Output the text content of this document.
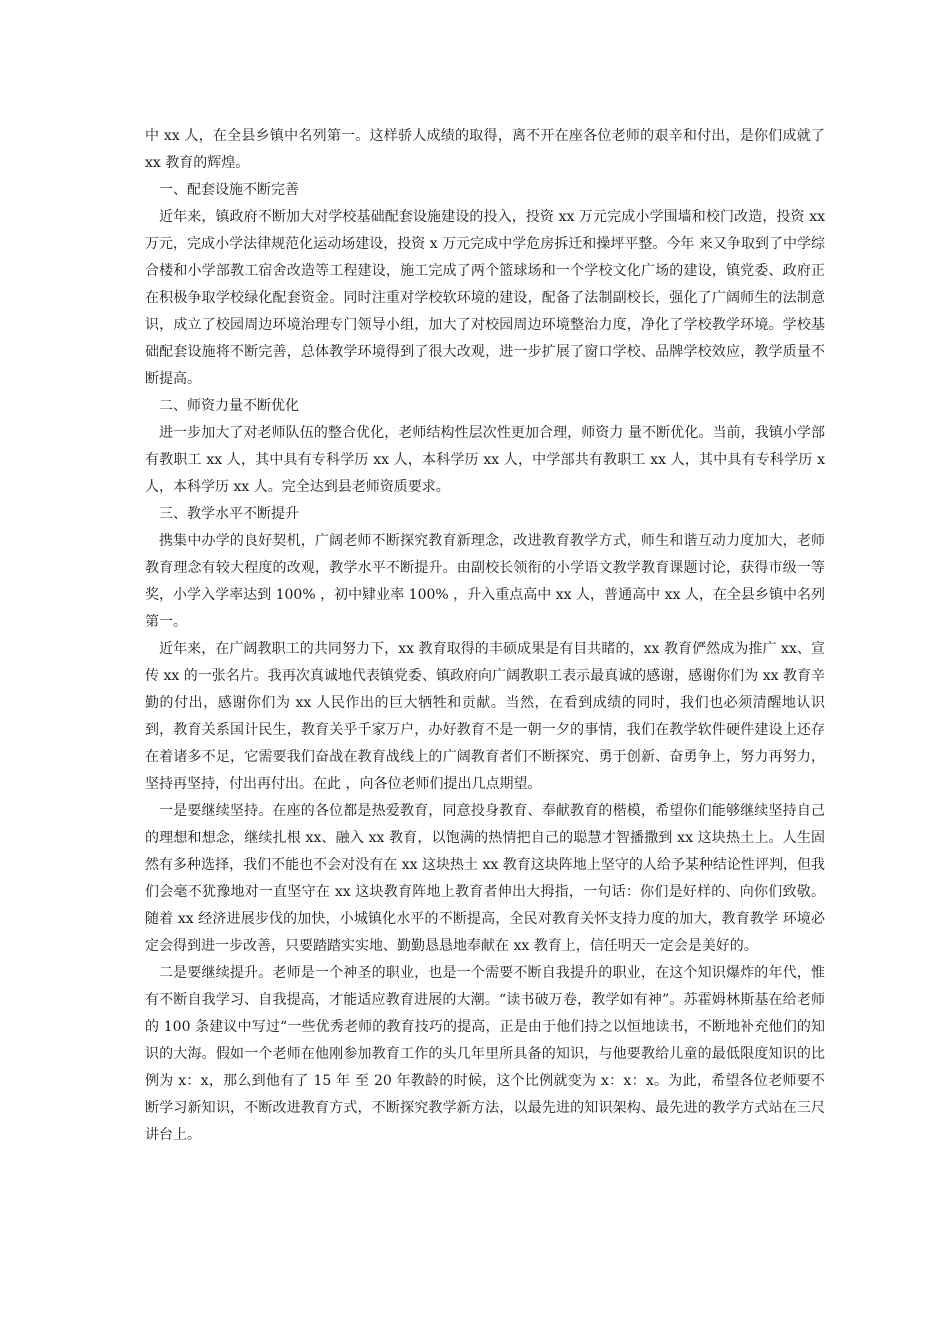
中 xx 人，在全县乡镇中名列第一。这样骄人成绩的取得，离不开在座各位老师的艰辛和付出，是你们成就了 xx 教育的辉煌。

一、配套设施不断完善

近年来，镇政府不断加大对学校基础配套设施建设的投入，投资 xx 万元完成小学围墙和校门改造，投资 xx 万元，完成小学法律规范化运动场建设，投资 x 万元完成中学危房拆迁和操坪平整。今年 来又争取到了中学综合楼和小学部教工宿舍改造等工程建设，施工完成了两个篮球场和一个学校文化广场的建设，镇党委、政府正在积极争取学校绿化配套资金。同时注重对学校软环境的建设，配备了法制副校长，强化了广阔师生的法制意识，成立了校园周边环境治理专门领导小组，加大了对校园周边环境整治力度，净化了学校教学环境。学校基础配套设施将不断完善，总体教学环境得到了很大改观，进一步扩展了窗口学校、品牌学校效应，教学质量不断提高。

二、师资力量不断优化

进一步加大了对老师队伍的整合优化，老师结构性层次性更加合理，师资力 量不断优化。当前，我镇小学部有教职工 xx 人，其中具有专科学历 xx 人，本科学历 xx 人，中学部共有教职工 xx 人，其中具有专科学历 x 人，本科学历 xx 人。完全达到县老师资质要求。

三、教学水平不断提升

携集中办学的良好契机，广阔老师不断探究教育新理念，改进教育教学方式，师生和谐互动力度加大，老师教育理念有较大程度的改观，教学水平不断提升。由副校长领衔的小学语文教学教育课题讨论，获得市级一等奖，小学入学率达到 100% ，初中肄业率 100% ，升入重点高中 xx 人，普通高中 xx 人，在全县乡镇中名列第一。

近年来，在广阔教职工的共同努力下，xx 教育取得的丰硕成果是有目共睹的，xx 教育俨然成为推广 xx、宣传 xx 的一张名片。我再次真诚地代表镇党委、镇政府向广阔教职工表示最真诚的感谢，感谢你们为 xx 教育辛勤的付出，感谢你们为 xx 人民作出的巨大牺牲和贡献。当然，在看到成绩的同时，我们也必须清醒地认识到，教育关系国计民生，教育关乎千家万户，办好教育不是一朝一夕的事情，我们在教学软件硬件建设上还存在着诸多不足，它需要我们奋战在教育战线上的广阔教育者们不断探究、勇于创新、奋勇争上，努力再努力，坚持再坚持，付出再付出。在此 ，向各位老师们提出几点期望。

一是要继续坚持。在座的各位都是热爱教育，同意投身教育、奉献教育的楷模，希望你们能够继续坚持自己的理想和想念，继续扎根 xx、融入 xx 教育，以饱满的热情把自己的聪慧才智播撒到 xx 这块热土上。人生固然有多种选择，我们不能也不会对没有在 xx 这块热土 xx 教育这块阵地上坚守的人给予某种结论性评判，但我们会毫不犹豫地对一直坚守在 xx 这块教育阵地上教育者伸出大拇指，一句话：你们是好样的、向你们致敬。随着 xx 经济进展步伐的加快，小城镇化水平的不断提高，全民对教育关怀支持力度的加大，教育教学 环境必定会得到进一步改善，只要踏踏实实地、勤勤恳恳地奉献在 xx 教育上，信任明天一定会是美好的。

二是要继续提升。老师是一个神圣的职业，也是一个需要不断自我提升的职业，在这个知识爆炸的年代，惟有不断自我学习、自我提高，才能适应教育进展的大潮。“读书破万卷，教学如有神”。苏霍姆林斯基在给老师的 100 条建议中写过“一些优秀老师的教育技巧的提高，正是由于他们持之以恒地读书，不断地补充他们的知识的大海。假如一个老师在他刚参加教育工作的头几年里所具备的知识，与他要教给儿童的最低限度知识的比例为 x：x，那么到他有了 15 年 至 20 年教龄的时候，这个比例就变为 x：x：x。为此，希望各位老师要不断学习新知识，不断改进教育方式，不断探究教学新方法，以最先进的知识架构、最先进的教学方式站在三尺讲台上。
